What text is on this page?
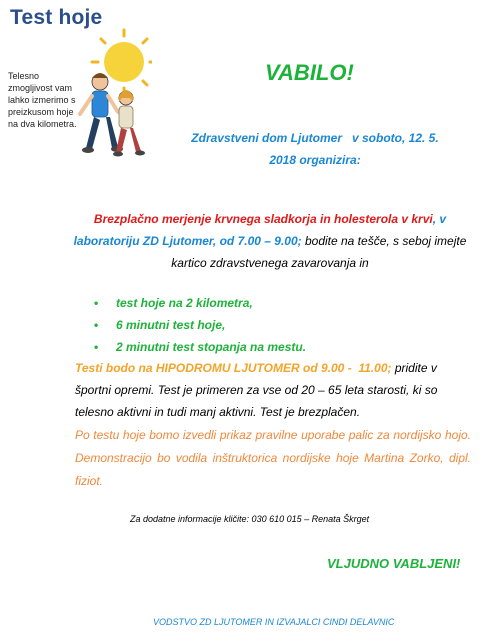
Test hoje
Telesno zmogljivost vam lahko izmerimo s preizkusom hoje na dva kilometra.
VABILO!
Zdravstveni dom Ljutomer   v soboto, 12. 5.
2018 organizira:
Brezplačno merjenje krvnega sladkorja in holesterola v krvi, v laboratoriju ZD Ljutomer, od 7.00 – 9.00; bodite na tešče, s seboj imejte kartico zdravstvenega zavarovanja in
• test hoje na 2 kilometra,
• 6 minutni test hoje,
• 2 minutni test stopanja na mestu.
Testi bodo na HIPODROMU LJUTOMER od 9.00 -  11.00; pridite v športni opremi. Test je primeren za vse od 20 – 65 leta starosti, ki so telesno aktivni in tudi manj aktivni. Test je brezplačen.
Po testu hoje bomo izvedli prikaz pravilne uporabe palic za nordijsko hojo. Demonstracijo bo vodila inštruktorica nordijske hoje Martina Zorko, dipl. fiziot.
Za dodatne informacije kličite: 030 610 015 – Renata Škrget
VLJUDNO VABLJENI!
VODSTVO ZD LJUTOMER IN IZVAJALCI CINDI DELAVNIC
